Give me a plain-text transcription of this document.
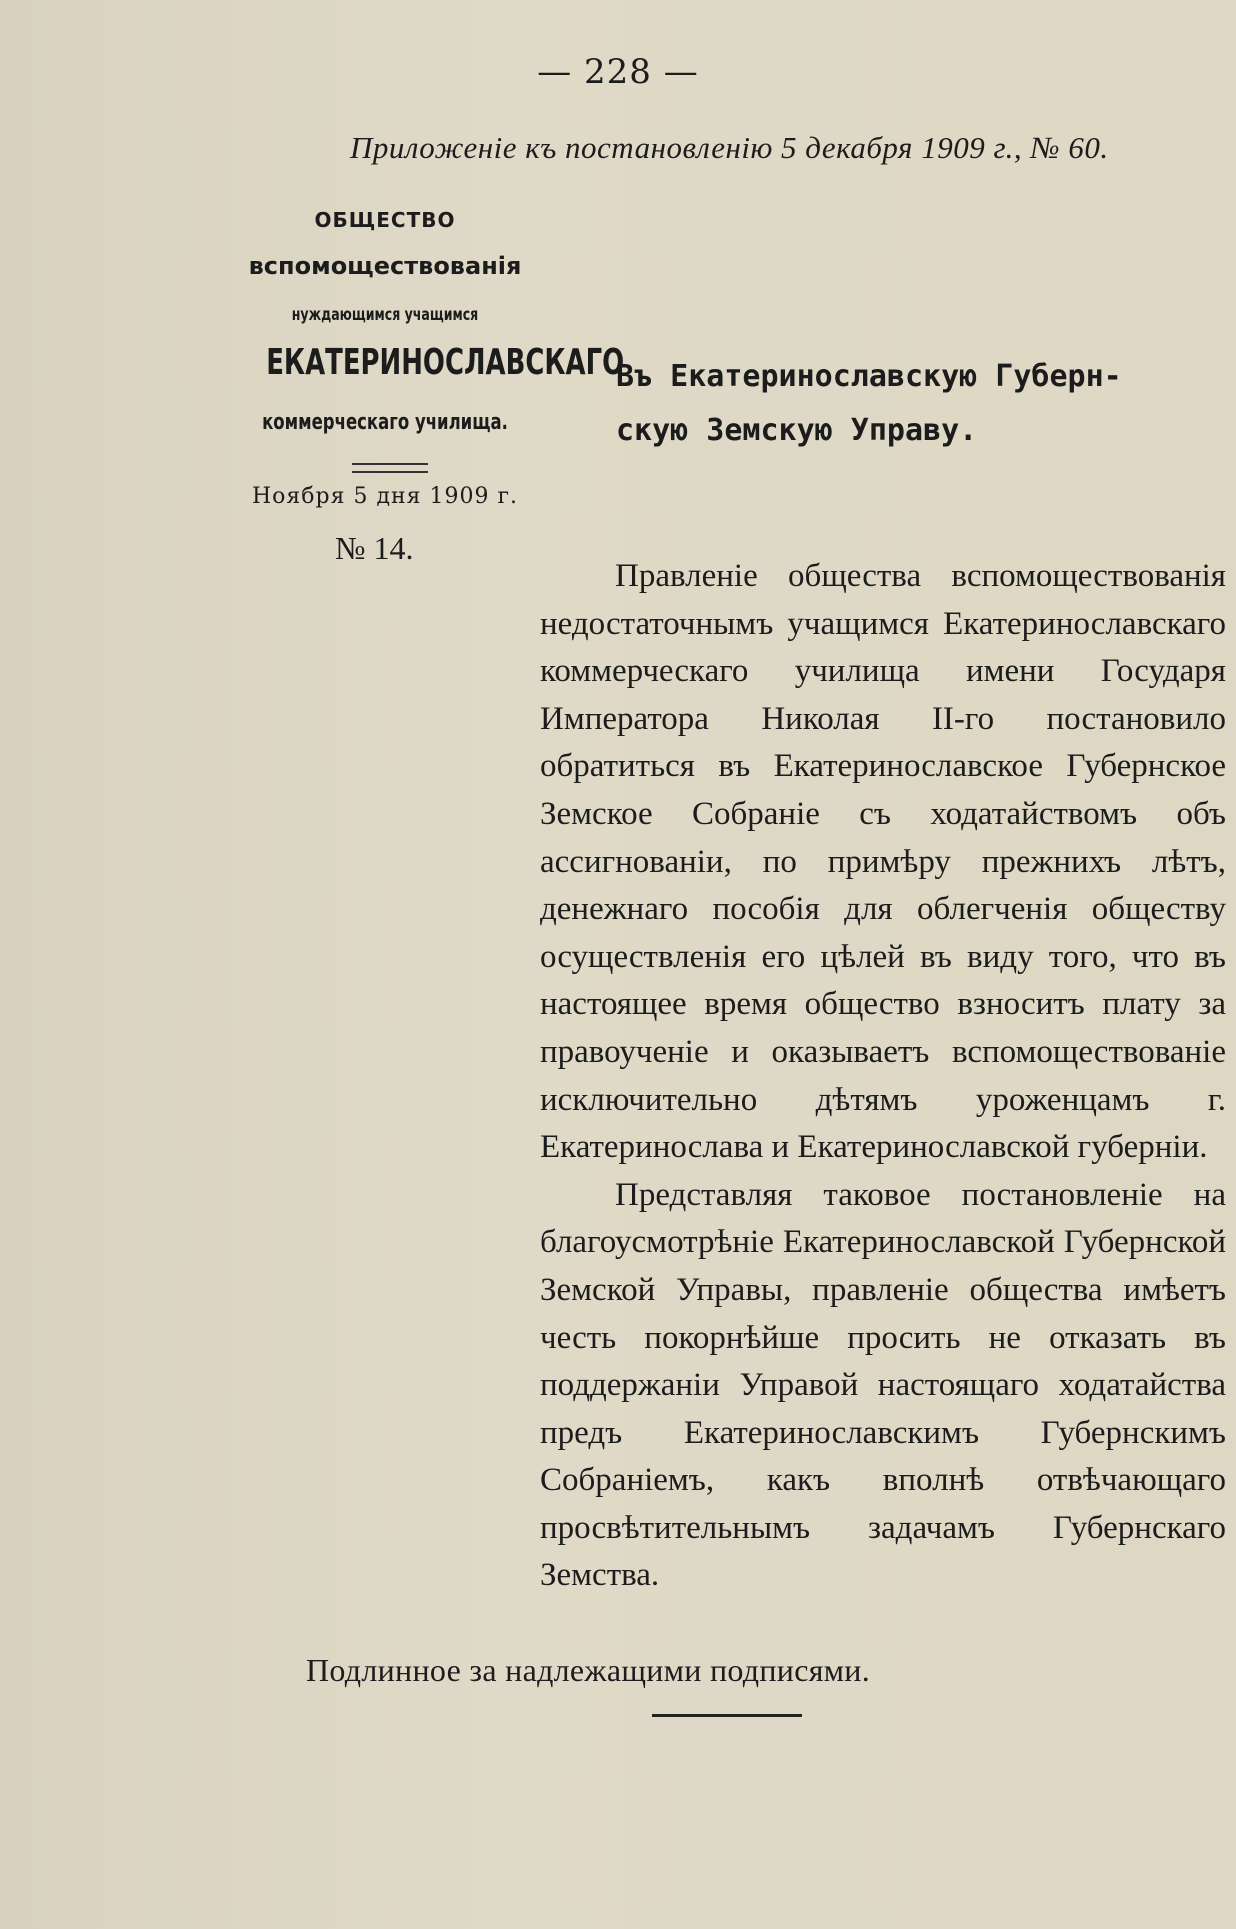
— 228 —
Приложеніе къ постановленію 5 декабря 1909 г., № 60.
ОБЩЕСТВО
вспомоществованія
нуждающимся учащимся
ЕКАТЕРИНОСЛАВСКАГО
коммерческаго училища.
Ноября 5 дня 1909 г.
№ 14.
Въ Екатеринославскую Губерн-
скую Земскую Управу.

Правленіе общества вспомоществованія недостаточнымъ учащимся Екатеринославскаго коммерческаго училища имени Государя Императора Николая II-го постановило обратиться въ Екатеринославское Губернское Земское Собраніе съ ходатайствомъ объ ассигнованіи, по примѣру прежнихъ лѣтъ, денежнаго пособія для облегченія обществу осуществленія его цѣлей въ виду того, что въ настоящее время общество взноситъ плату за правоученіе и оказываетъ вспомоществованіе исключительно дѣтямъ уроженцамъ г. Екатеринослава и Екатеринославской губерніи.

Представляя таковое постановленіе на благоусмотрѣніе Екатеринославской Губернской Земской Управы, правленіе общества имѣетъ честь покорнѣйше просить не отказать въ поддержаніи Управой настоящаго ходатайства предъ Екатеринославскимъ Губернскимъ Собраніемъ, какъ вполнѣ отвѣчающаго просвѣтительнымъ задачамъ Губернскаго Земства.

Подлинное за надлежащими подписями.
